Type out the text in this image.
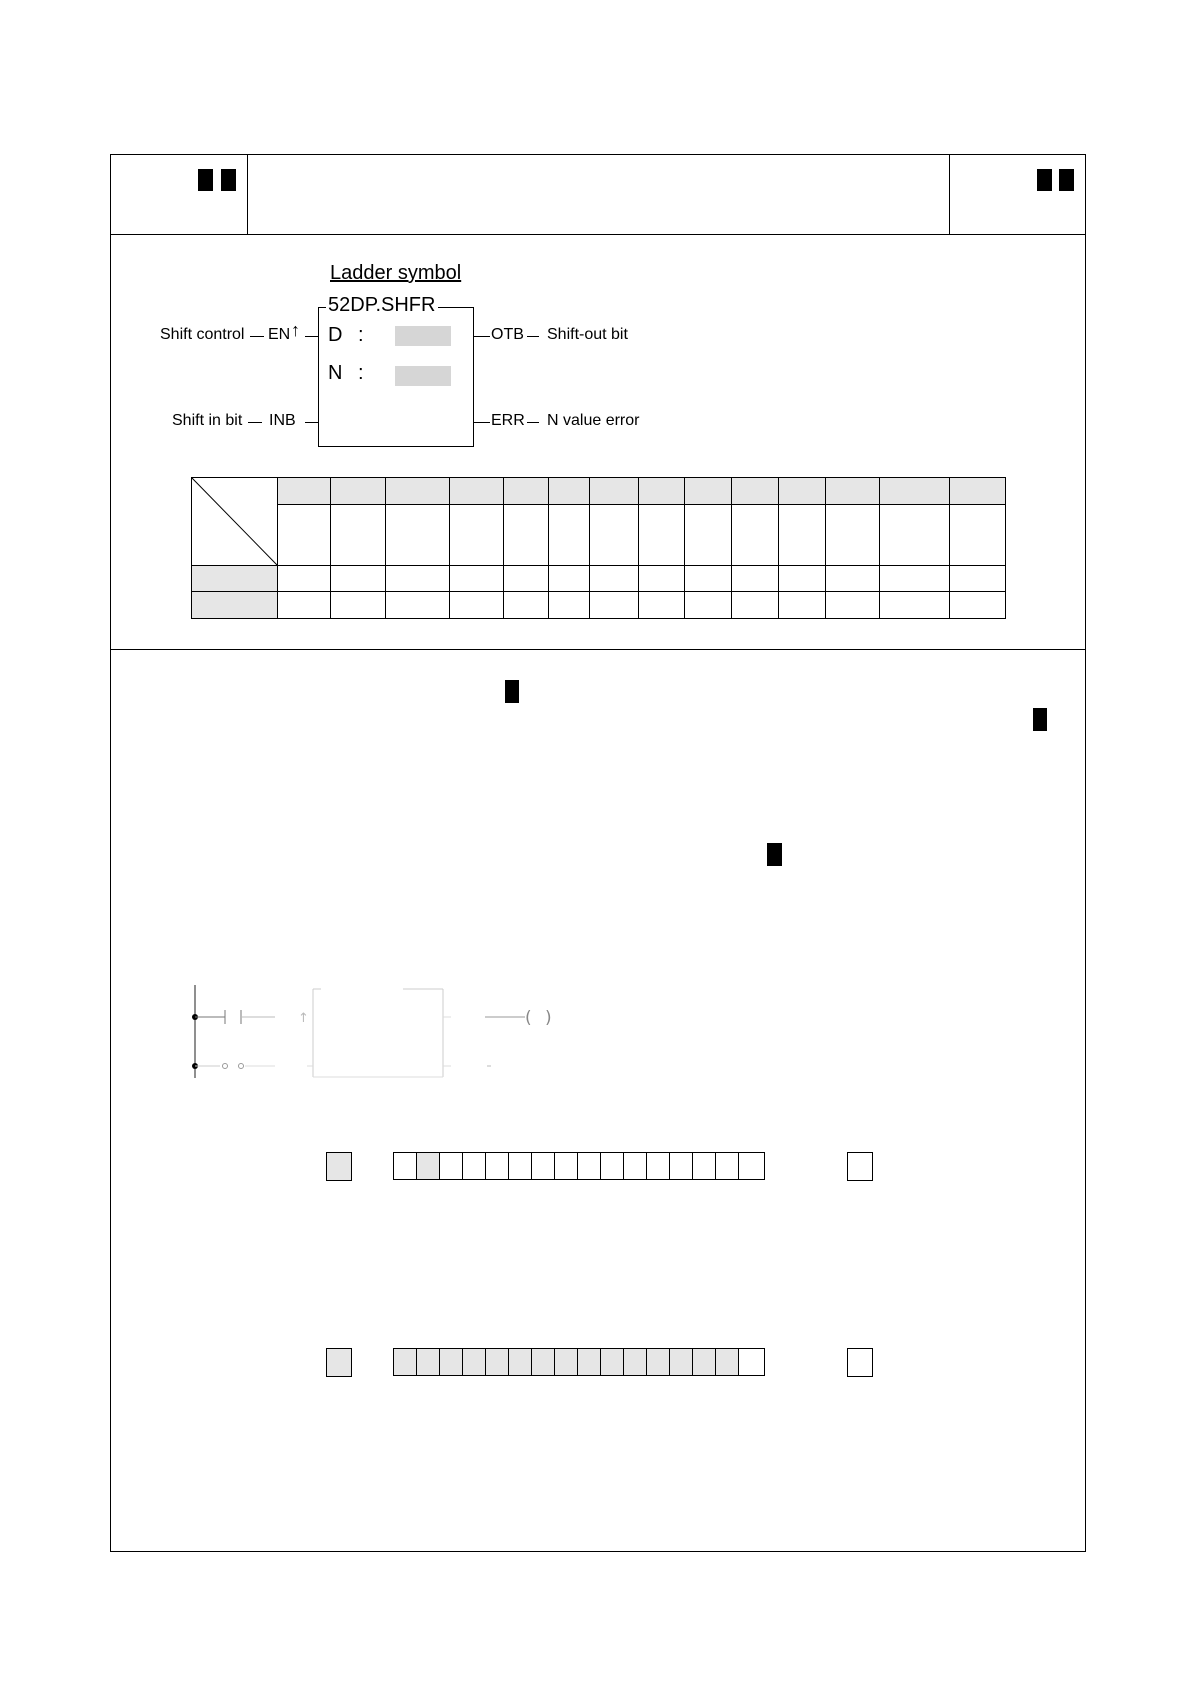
Ladder symbol
52DP.SHFR
D :
N :
Shift control EN ↑
Shift in bit INB
OTB Shift-out bit
ERR N value error

↑	( )
